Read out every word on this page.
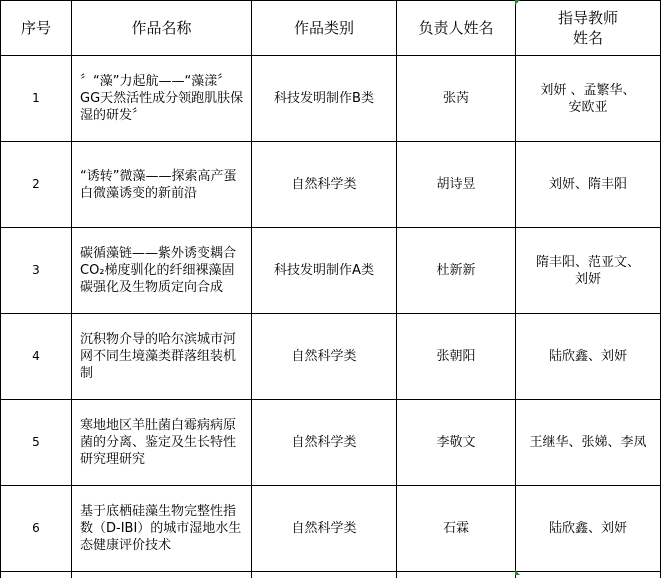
序号	作品名称	作品类别	负责人姓名	指导教师
姓名
1	〞“藻”力起航——“藻漾〞GG天然活性成分领跑肌肤保湿的研发〞	科技发明制作B类	张芮	刘妍 、孟繁华、
安欧亚
2	“诱转”微藻——探索高产蛋白微藻诱变的新前沿	自然科学类	胡诗昱	刘妍、隋丰阳
3	碳循藻链——紫外诱变耦合CO₂梯度驯化的纤细裸藻固碳强化及生物质定向合成	科技发明制作A类	杜新新	隋丰阳、范亚文、
刘妍
4	沉积物介导的哈尔滨城市河网不同生境藻类群落组装机制	自然科学类	张朝阳	陆欣鑫、刘妍
5	寒地地区羊肚菌白霉病病原菌的分离、鉴定及生长特性研究理研究	自然科学类	李敬文	王继华、张娣、李凤
6	基于底栖硅藻生物完整性指数（D-IBI）的城市湿地水生态健康评价技术	自然科学类	石霖	陆欣鑫、刘妍
